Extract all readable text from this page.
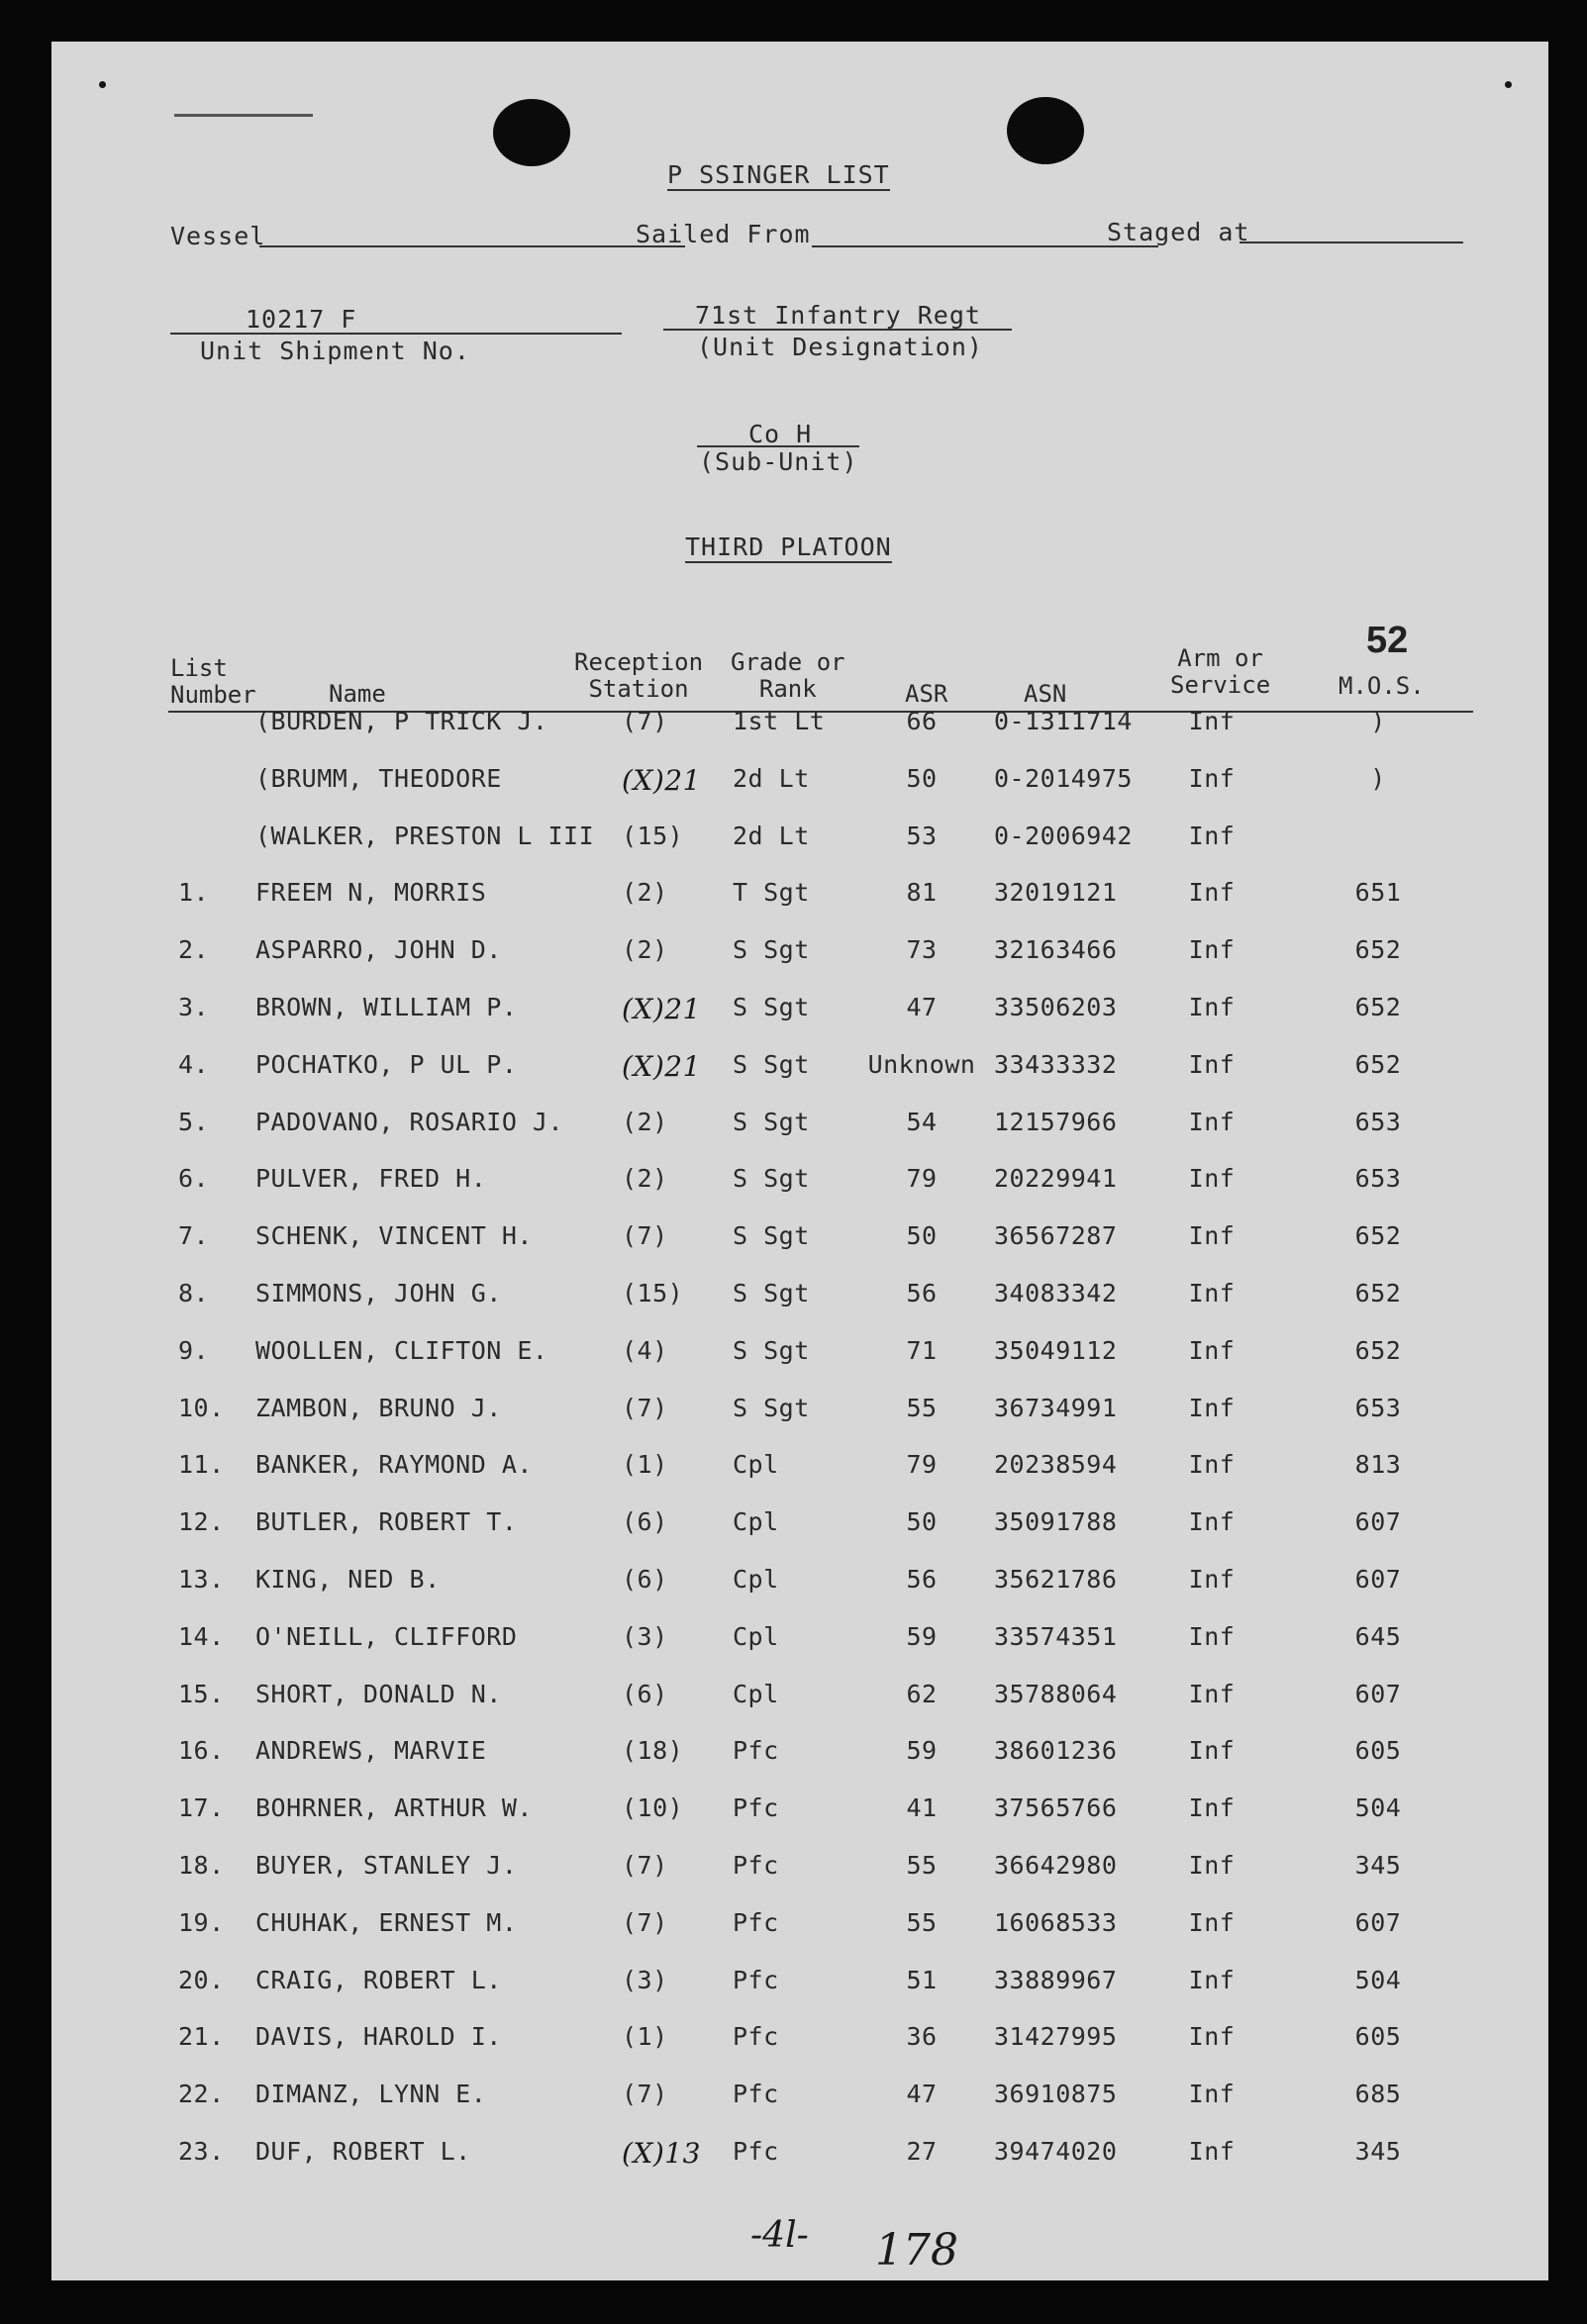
P SSINGER LIST
Vessel	Sailed From	Staged at
10217 F
Unit Shipment No.
71st Infantry Regt
(Unit Designation)
Co H
(Sub-Unit)
THIRD PLATOON
52
List
Number	Name
Reception
Station
Grade or
Rank	ASR	ASN
Arm or
Service	M.O.S.
(BURDEN, P TRICK J.	(7)	1st Lt	66	0-1311714	Inf	)
(BRUMM, THEODORE	(X)21 2d Lt	50	0-2014975	Inf	)
(WALKER, PRESTON L III (15) 2d Lt	53	0-2006942	Inf
1. FREEM N, MORRIS	(2)	T Sgt	81	32019121	Inf	651
2. ASPARRO, JOHN D.	(2)	S Sgt	73	32163466	Inf	652
3. BROWN, WILLIAM P.	(X)21 S Sgt	47	33506203	Inf	652
4. POCHATKO, P UL P.	(X)21 S Sgt Unknown 33433332	Inf	652
5. PADOVANO, ROSARIO J. (2)	S Sgt	54	12157966	Inf	653
6. PULVER, FRED H.	(2)	S Sgt	79	20229941	Inf	653
7. SCHENK, VINCENT H.	(7)	S Sgt	50	36567287	Inf	652
8. SIMMONS, JOHN G.	(15) S Sgt	56	34083342	Inf	652
9. WOOLLEN, CLIFTON E.	(4)	S Sgt	71	35049112	Inf	652
10. ZAMBON, BRUNO J.	(7)	S Sgt	55	36734991	Inf	653
11. BANKER, RAYMOND A.	(1)	Cpl	79	20238594	Inf	813
12. BUTLER, ROBERT T.	(6)	Cpl	50	35091788	Inf	607
13. KING, NED B.	(6)	Cpl	56	35621786	Inf	607
14. O'NEILL, CLIFFORD	(3)	Cpl	59	33574351	Inf	645
15. SHORT, DONALD N.	(6)	Cpl	62	35788064	Inf	607
16. ANDREWS, MARVIE	(18) Pfc	59	38601236	Inf	605
17. BOHRNER, ARTHUR W.	(10) Pfc	41	37565766	Inf	504
18. BUYER, STANLEY J.	(7)	Pfc	55	36642980	Inf	345
19. CHUHAK, ERNEST M.	(7)	Pfc	55	16068533	Inf	607
20. CRAIG, ROBERT L.	(3)	Pfc	51	33889967	Inf	504
21. DAVIS, HAROLD I.	(1)	Pfc	36	31427995	Inf	605
22. DIMANZ, LYNN E.	(7)	Pfc	47	36910875	Inf	685
23. DUF, ROBERT L.	(X)13 Pfc	27	39474020	Inf	345
-4l- 178
